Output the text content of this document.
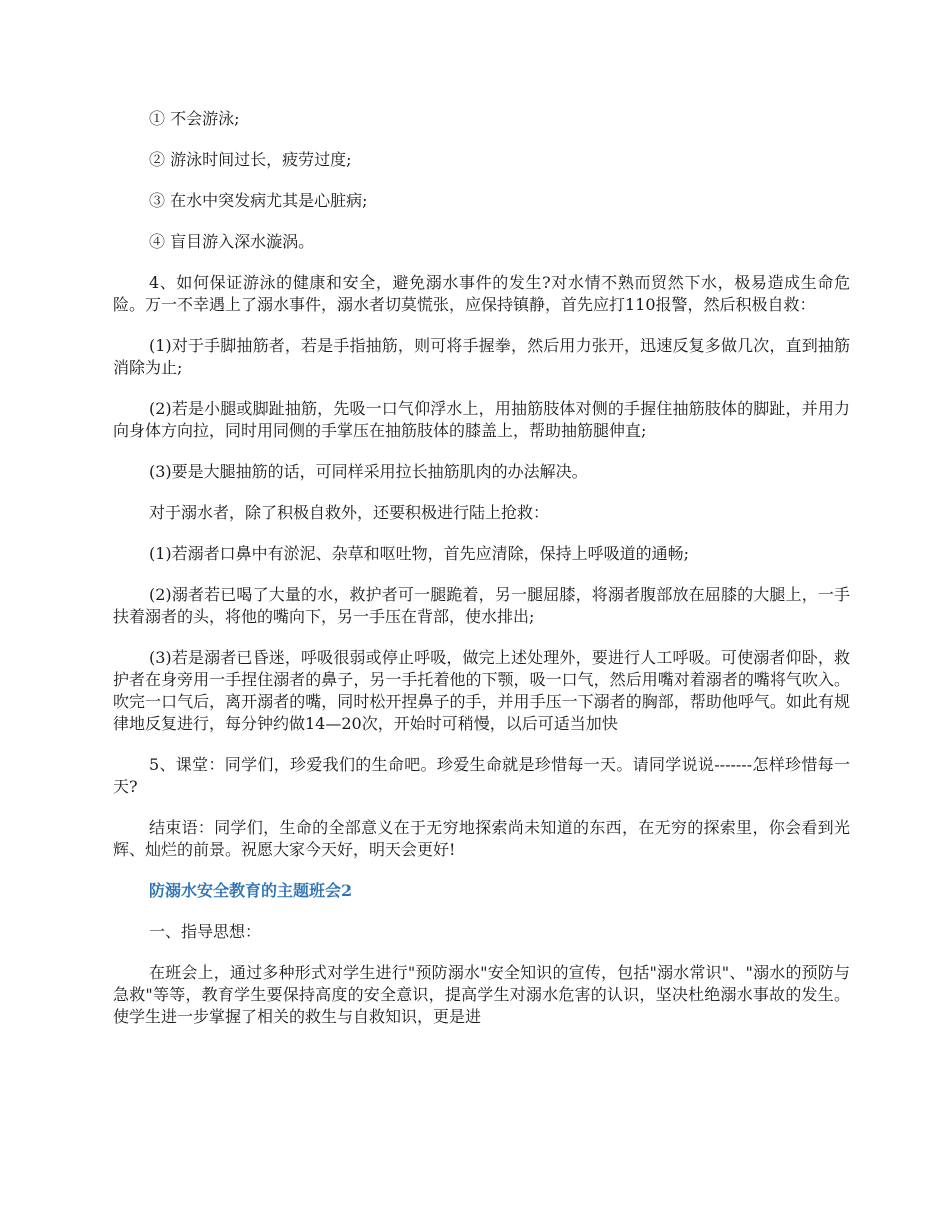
① 不会游泳;

② 游泳时间过长，疲劳过度;

③ 在水中突发病尤其是心脏病;

④ 盲目游入深水漩涡。

4、如何保证游泳的健康和安全，避免溺水事件的发生?对水情不熟而贸然下水，极易造成生命危险。万一不幸遇上了溺水事件，溺水者切莫慌张，应保持镇静，首先应打110报警，然后积极自救：

(1)对于手脚抽筋者，若是手指抽筋，则可将手握拳，然后用力张开，迅速反复多做几次，直到抽筋消除为止;

(2)若是小腿或脚趾抽筋，先吸一口气仰浮水上，用抽筋肢体对侧的手握住抽筋肢体的脚趾，并用力向身体方向拉，同时用同侧的手掌压在抽筋肢体的膝盖上，帮助抽筋腿伸直;

(3)要是大腿抽筋的话，可同样采用拉长抽筋肌肉的办法解决。

对于溺水者，除了积极自救外，还要积极进行陆上抢救：

(1)若溺者口鼻中有淤泥、杂草和呕吐物，首先应清除，保持上呼吸道的通畅;

(2)溺者若已喝了大量的水，救护者可一腿跪着，另一腿屈膝，将溺者腹部放在屈膝的大腿上，一手扶着溺者的头，将他的嘴向下，另一手压在背部，使水排出;

(3)若是溺者已昏迷，呼吸很弱或停止呼吸，做完上述处理外，要进行人工呼吸。可使溺者仰卧，救护者在身旁用一手捏住溺者的鼻子，另一手托着他的下颚，吸一口气，然后用嘴对着溺者的嘴将气吹入。吹完一口气后，离开溺者的嘴，同时松开捏鼻子的手，并用手压一下溺者的胸部，帮助他呼气。如此有规律地反复进行，每分钟约做14—20次，开始时可稍慢，以后可适当加快

5、课堂：同学们，珍爱我们的生命吧。珍爱生命就是珍惜每一天。请同学说说-------怎样珍惜每一天?

结束语：同学们，生命的全部意义在于无穷地探索尚未知道的东西，在无穷的探索里，你会看到光辉、灿烂的前景。祝愿大家今天好，明天会更好!

防溺水安全教育的主题班会2

一、指导思想：

在班会上，通过多种形式对学生进行"预防溺水"安全知识的宣传，包括"溺水常识"、"溺水的预防与急救"等等，教育学生要保持高度的安全意识，提高学生对溺水危害的认识，坚决杜绝溺水事故的发生。使学生进一步掌握了相关的救生与自救知识，更是进
